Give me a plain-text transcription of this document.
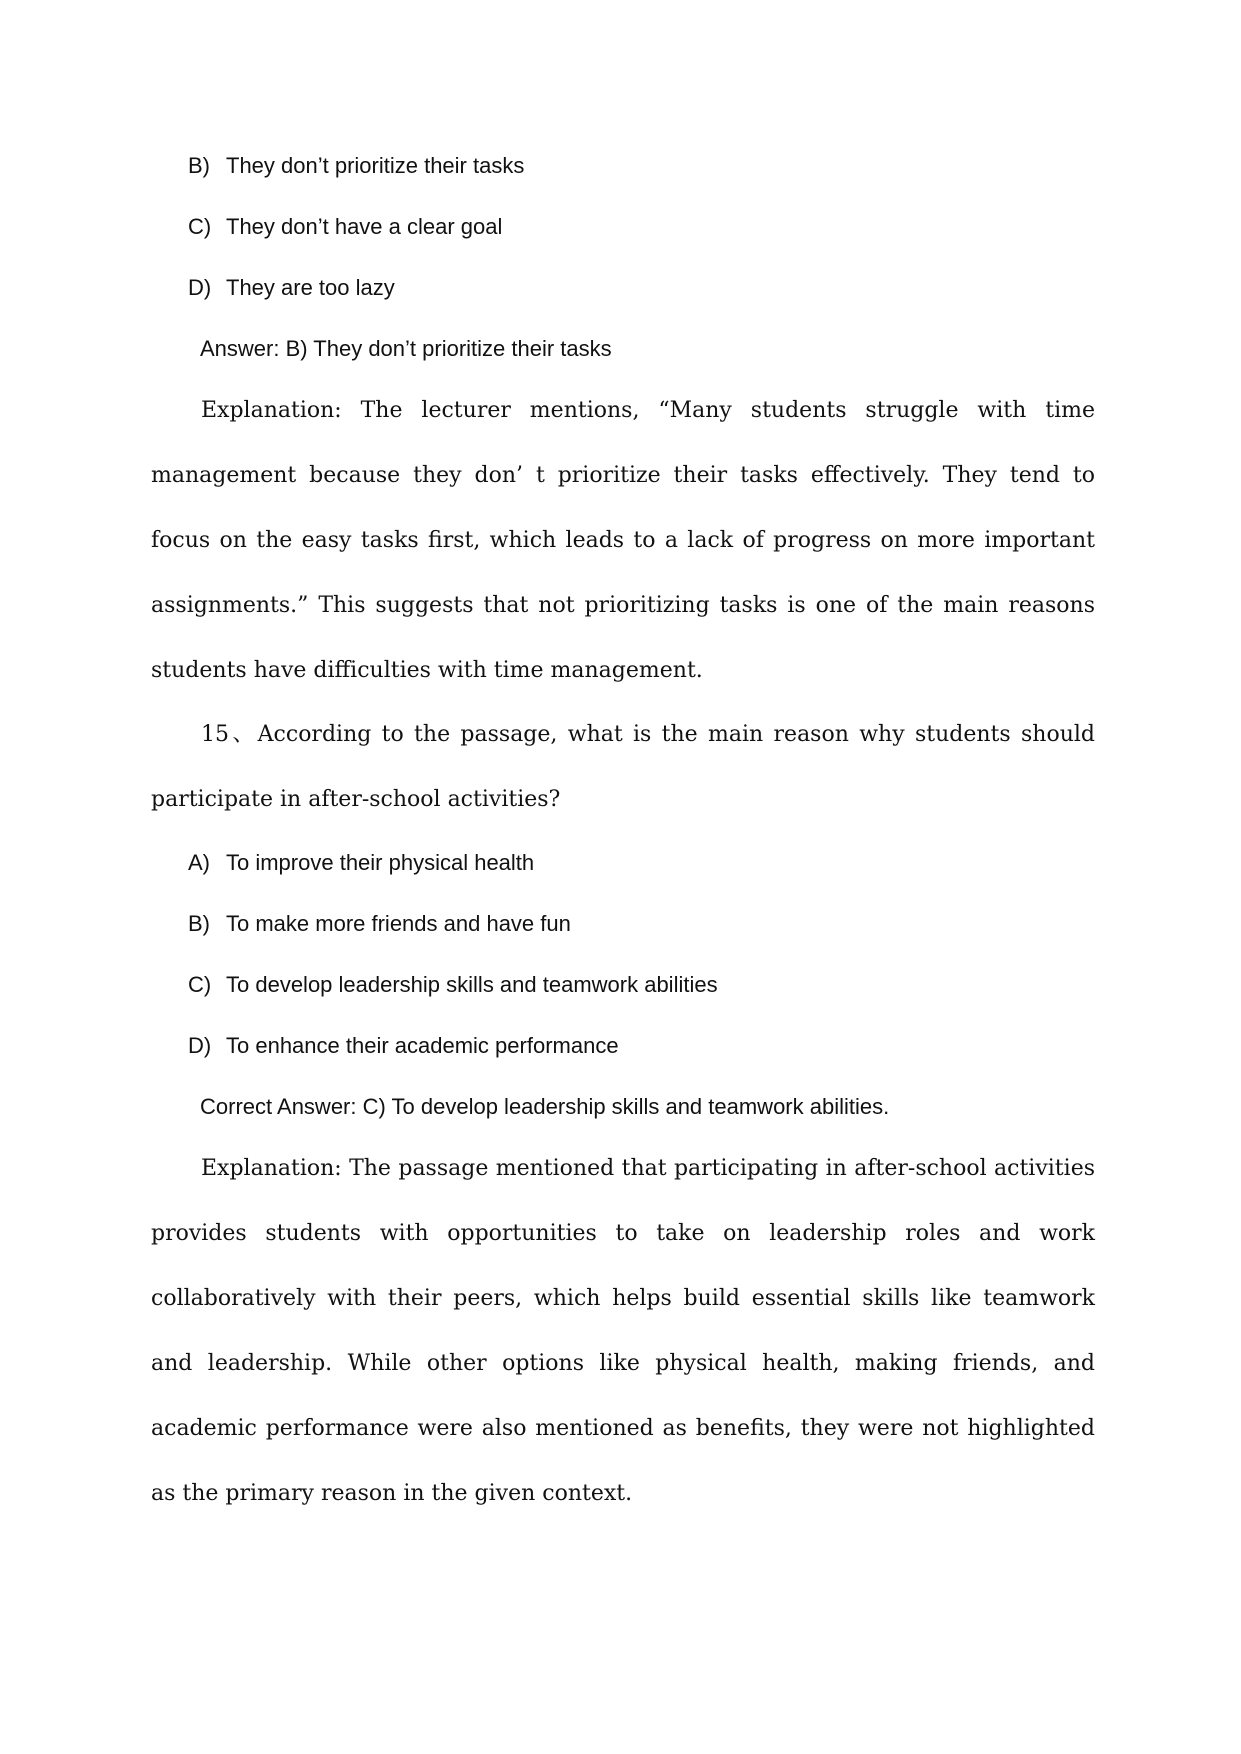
B) They don’t prioritize their tasks
C) They don’t have a clear goal
D) They are too lazy
Answer: B) They don’t prioritize their tasks

Explanation: The lecturer mentions, “Many students struggle with time management because they don’ t prioritize their tasks effectively. They tend to focus on the easy tasks first, which leads to a lack of progress on more important assignments.” This suggests that not prioritizing tasks is one of the main reasons students have difficulties with time management.

15、According to the passage, what is the main reason why students should participate in after-school activities?

A) To improve their physical health
B) To make more friends and have fun
C) To develop leadership skills and teamwork abilities
D) To enhance their academic performance
Correct Answer: C) To develop leadership skills and teamwork abilities.

Explanation: The passage mentioned that participating in after-school activities provides students with opportunities to take on leadership roles and work collaboratively with their peers, which helps build essential skills like teamwork and leadership. While other options like physical health, making friends, and academic performance were also mentioned as benefits, they were not highlighted as the primary reason in the given context.
